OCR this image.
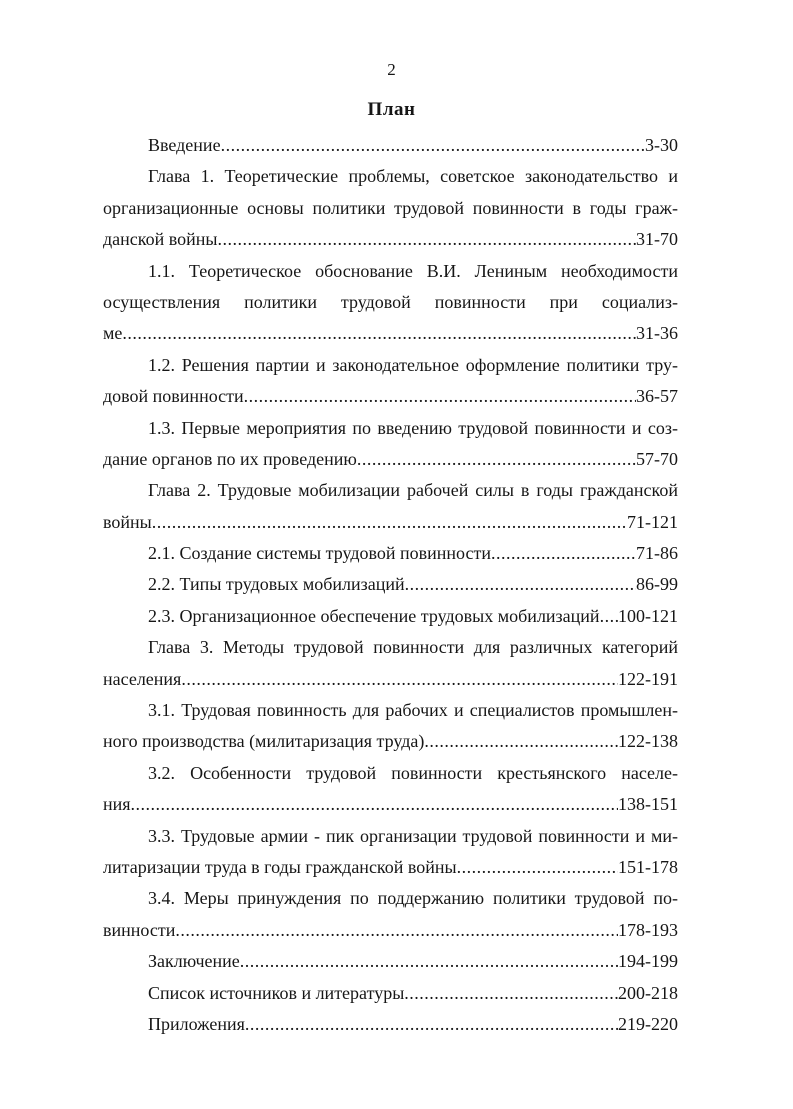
2
План
Введение .....	3-30
Глава 1. Теоретические проблемы, советское законодательство и
организационные основы политики трудовой повинности в годы граж-
данской войны .....	31-70
1.1. Теоретическое обоснование В.И. Лениным необходимости
осуществления политики трудовой повинности при социализ-
ме .....	31-36
1.2. Решения партии и законодательное оформление политики тру-
довой повинности .....	36-57
1.3. Первые мероприятия по введению трудовой повинности и соз-
дание органов по их проведению .....	57-70
Глава 2. Трудовые мобилизации рабочей силы в годы гражданской
войны .....	71-121
2.1. Создание системы трудовой повинности .....	71-86
2.2. Типы трудовых мобилизаций .....	86-99
2.3. Организационное обеспечение трудовых мобилизаций ..... 100-121
Глава 3. Методы трудовой повинности для различных категорий
населения .....	122-191
3.1. Трудовая повинность для рабочих и специалистов промышлен-
ного производства (милитаризация труда) .....	122-138
3.2. Особенности трудовой повинности крестьянского населе-
ния .....	138-151
3.3. Трудовые армии - пик организации трудовой повинности и ми-
литаризации труда в годы гражданской войны .....	151-178
3.4. Меры принуждения по поддержанию политики трудовой по-
винности .....	178-193
Заключение .....	194-199
Список источников и литературы .....	200-218
Приложения .....	219-220
